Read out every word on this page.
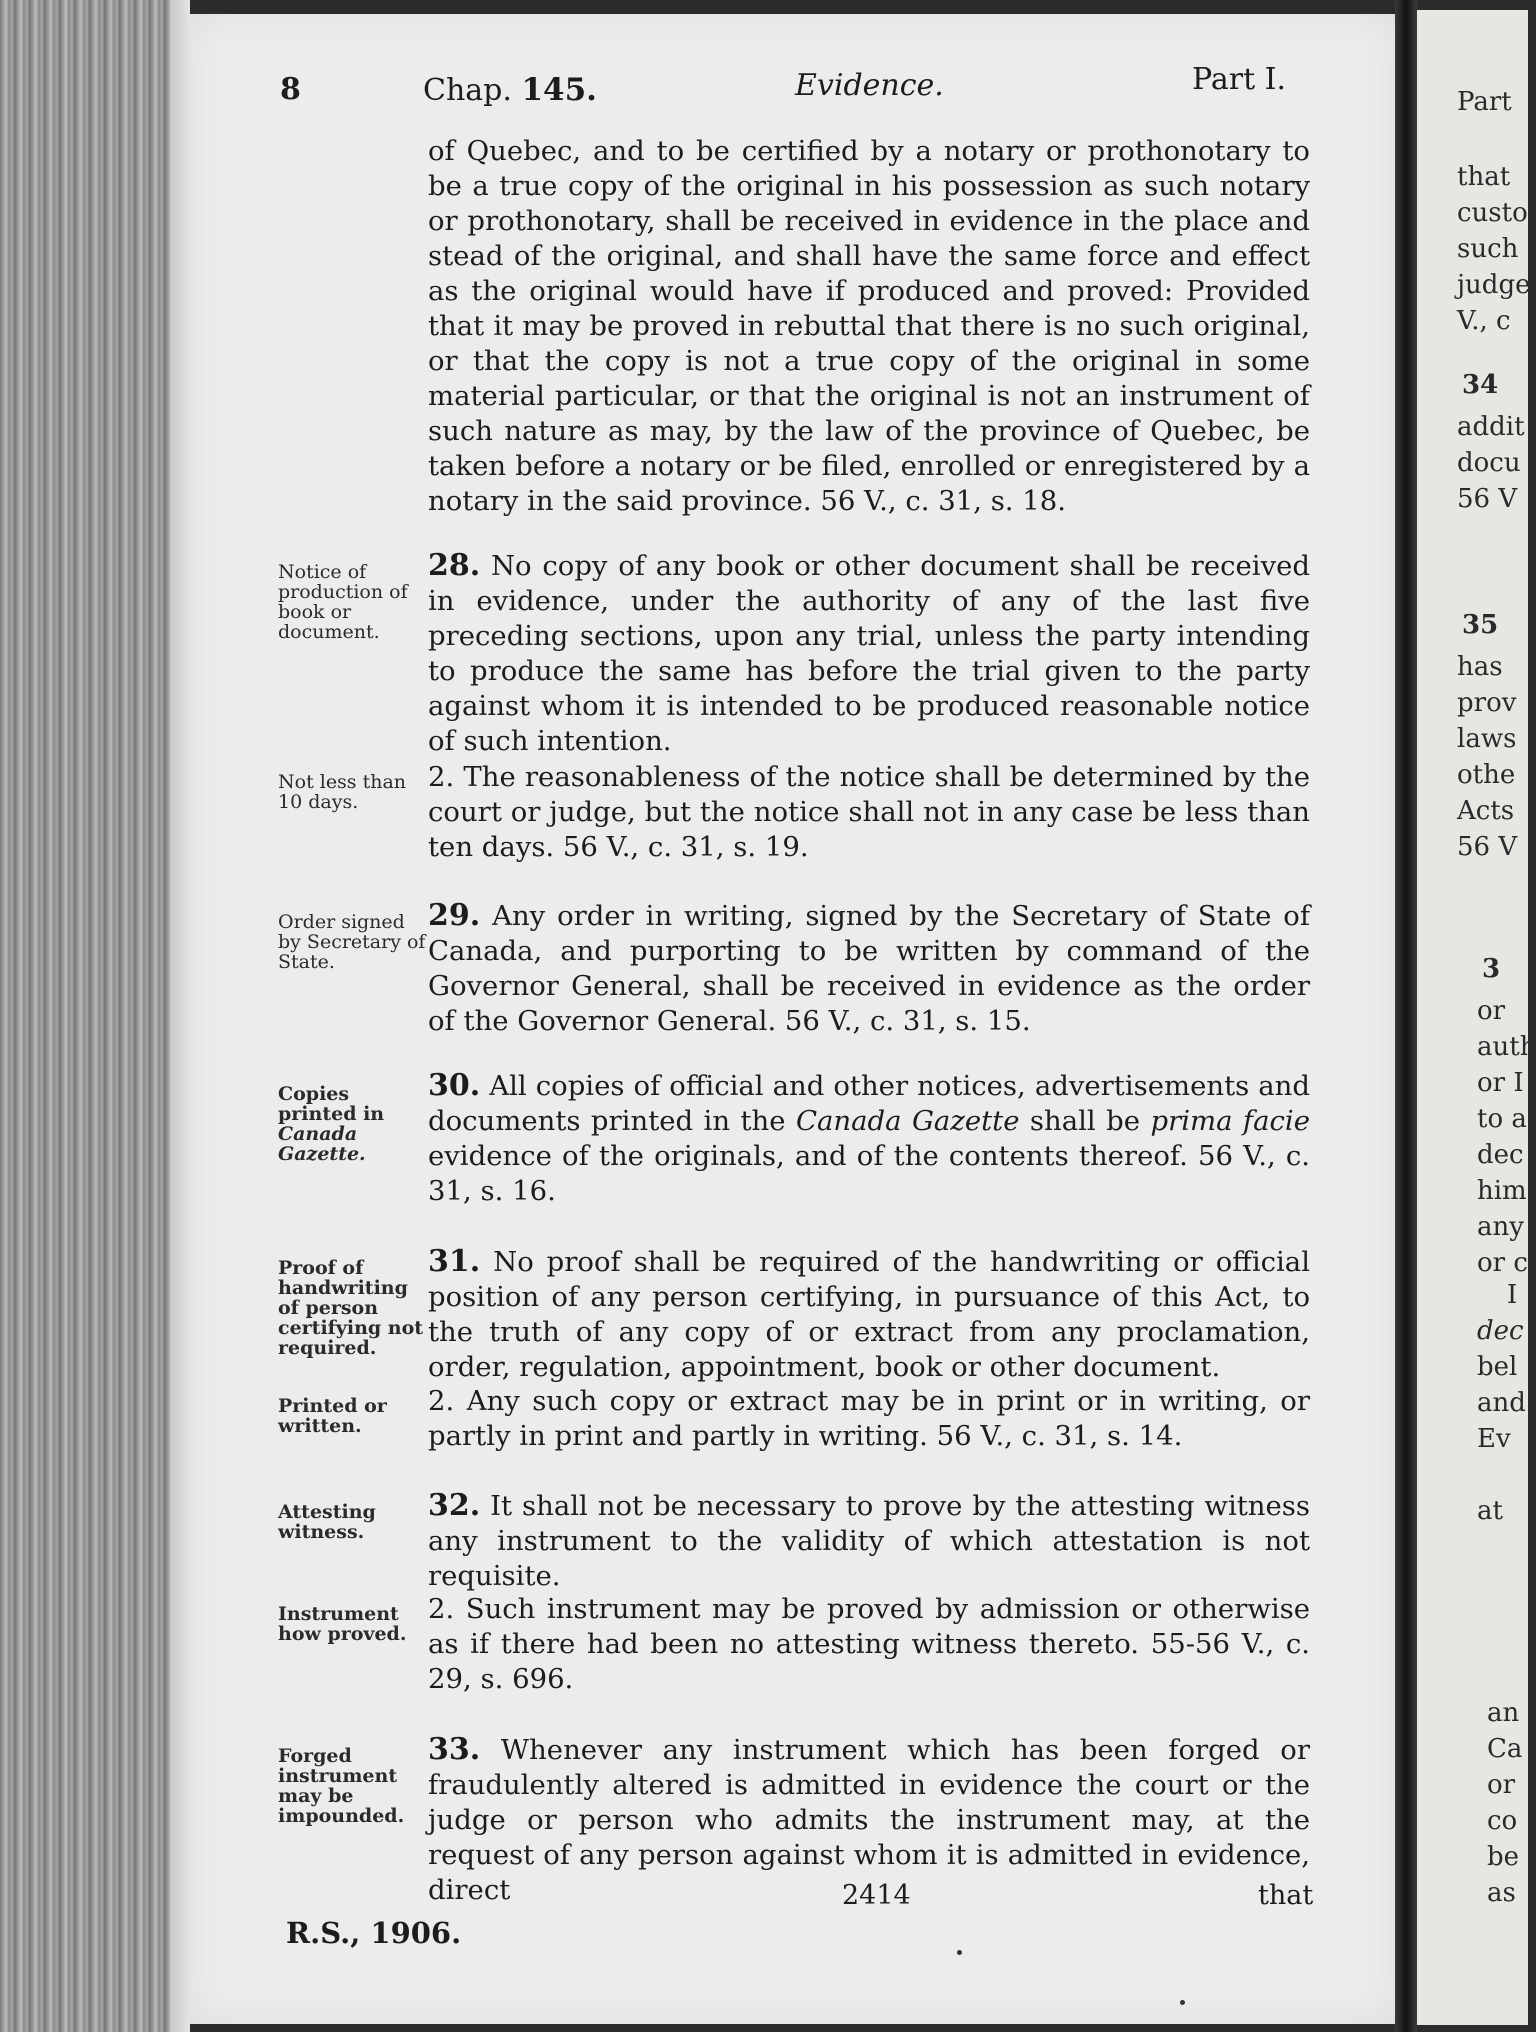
Part
that
custo
such
judge
V., c
34
addit
docu
56 V
35
has
prov
laws
othe
Acts
56 V
3
or
auth
or I
to a
dec
him
any
or c
I
dec
bel
and
Ev
at
an
Ca
or
co
be
as
8	Chap. 145.	Evidence.	Part I.
of Quebec, and to be certified by a notary or prothonotary to be a true copy of the original in his possession as such notary or prothonotary, shall be received in evidence in the place and stead of the original, and shall have the same force and effect as the original would have if produced and proved: Provided that it may be proved in rebuttal that there is no such original, or that the copy is not a true copy of the original in some material particular, or that the original is not an instrument of such nature as may, by the law of the province of Quebec, be taken before a notary or be filed, enrolled or enregistered by a notary in the said province. 56 V., c. 31, s. 18.
Notice of production of book or document.
28. No copy of any book or other document shall be received in evidence, under the authority of any of the last five preceding sections, upon any trial, unless the party intending to produce the same has before the trial given to the party against whom it is intended to be produced reasonable notice of such intention.
Not less than 10 days.
2. The reasonableness of the notice shall be determined by the court or judge, but the notice shall not in any case be less than ten days. 56 V., c. 31, s. 19.
Order signed by Secretary of State.
29. Any order in writing, signed by the Secretary of State of Canada, and purporting to be written by command of the Governor General, shall be received in evidence as the order of the Governor General. 56 V., c. 31, s. 15.
Copies printed in Canada Gazette.
30. All copies of official and other notices, advertisements and documents printed in the Canada Gazette shall be prima facie evidence of the originals, and of the contents thereof. 56 V., c. 31, s. 16.
Proof of handwriting of person certifying not required.
31. No proof shall be required of the handwriting or official position of any person certifying, in pursuance of this Act, to the truth of any copy of or extract from any proclamation, order, regulation, appointment, book or other document.
Printed or written.
2. Any such copy or extract may be in print or in writing, or partly in print and partly in writing. 56 V., c. 31, s. 14.
Attesting witness.
32. It shall not be necessary to prove by the attesting witness any instrument to the validity of which attestation is not requisite.
Instrument how proved.
2. Such instrument may be proved by admission or otherwise as if there had been no attesting witness thereto. 55-56 V., c. 29, s. 696.
Forged instrument may be impounded.
33. Whenever any instrument which has been forged or fraudulently altered is admitted in evidence the court or the judge or person who admits the instrument may, at the request of any person against whom it is admitted in evidence, direct	2414	that
R.S., 1906.
